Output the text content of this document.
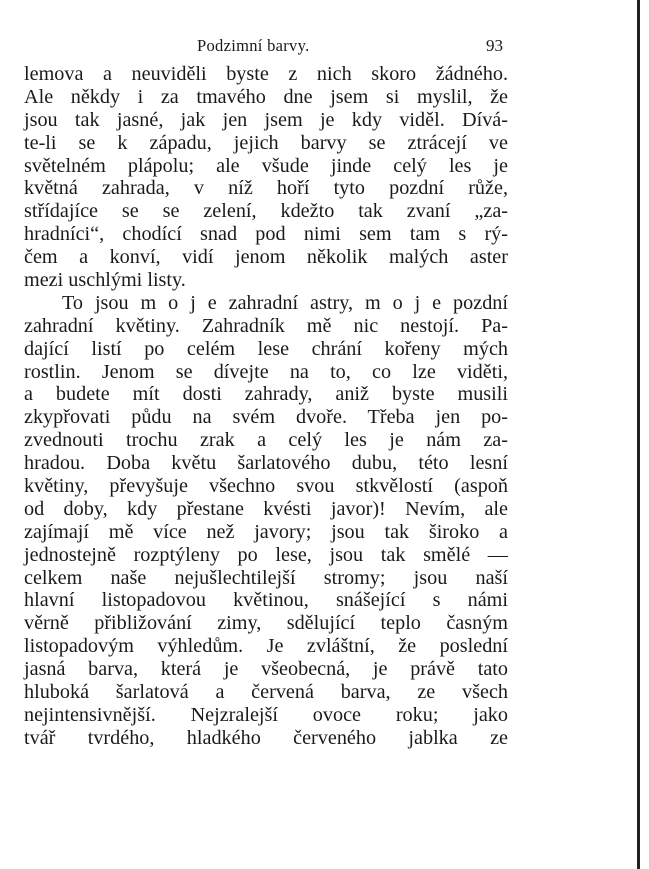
Podzimní barvy.	93
lemova a neuviděli byste z nich skoro žádného.
Ale někdy i za tmavého dne jsem si myslil, že
jsou tak jasné, jak jen jsem je kdy viděl. Dívá-
te-li se k západu, jejich barvy se ztrácejí ve
světelném plápolu; ale všude jinde celý les je
květná zahrada, v níž hoří tyto pozdní růže,
střídajíce se se zelení, kdežto tak zvaní „za-
hradníci“, chodící snad pod nimi sem tam s rý-
čem a konví, vidí jenom několik malých aster
mezi uschlými listy.
To jsou m o j e zahradní astry, m o j e pozdní
zahradní květiny. Zahradník mě nic nestojí. Pa-
dající listí po celém lese chrání kořeny mých
rostlin. Jenom se dívejte na to, co lze viděti,
a budete mít dosti zahrady, aniž byste musili
zkypřovati půdu na svém dvoře. Třeba jen po-
zvednouti trochu zrak a celý les je nám za-
hradou. Doba květu šarlatového dubu, této lesní
květiny, převyšuje všechno svou stkvělostí (aspoň
od doby, kdy přestane kvésti javor)! Nevím, ale
zajímají mě více než javory; jsou tak široko a
jednostejně rozptýleny po lese, jsou tak smělé —
celkem naše nejušlechtilejší stromy; jsou naší
hlavní listopadovou květinou, snášející s námi
věrně přibližování zimy, sdělující teplo časným
listopadovým výhledům. Je zvláštní, že poslední
jasná barva, která je všeobecná, je právě tato
hluboká šarlatová a červená barva, ze všech
nejintensivnější. Nejzralejší ovoce roku; jako
tvář tvrdého, hladkého červeného jablka ze
